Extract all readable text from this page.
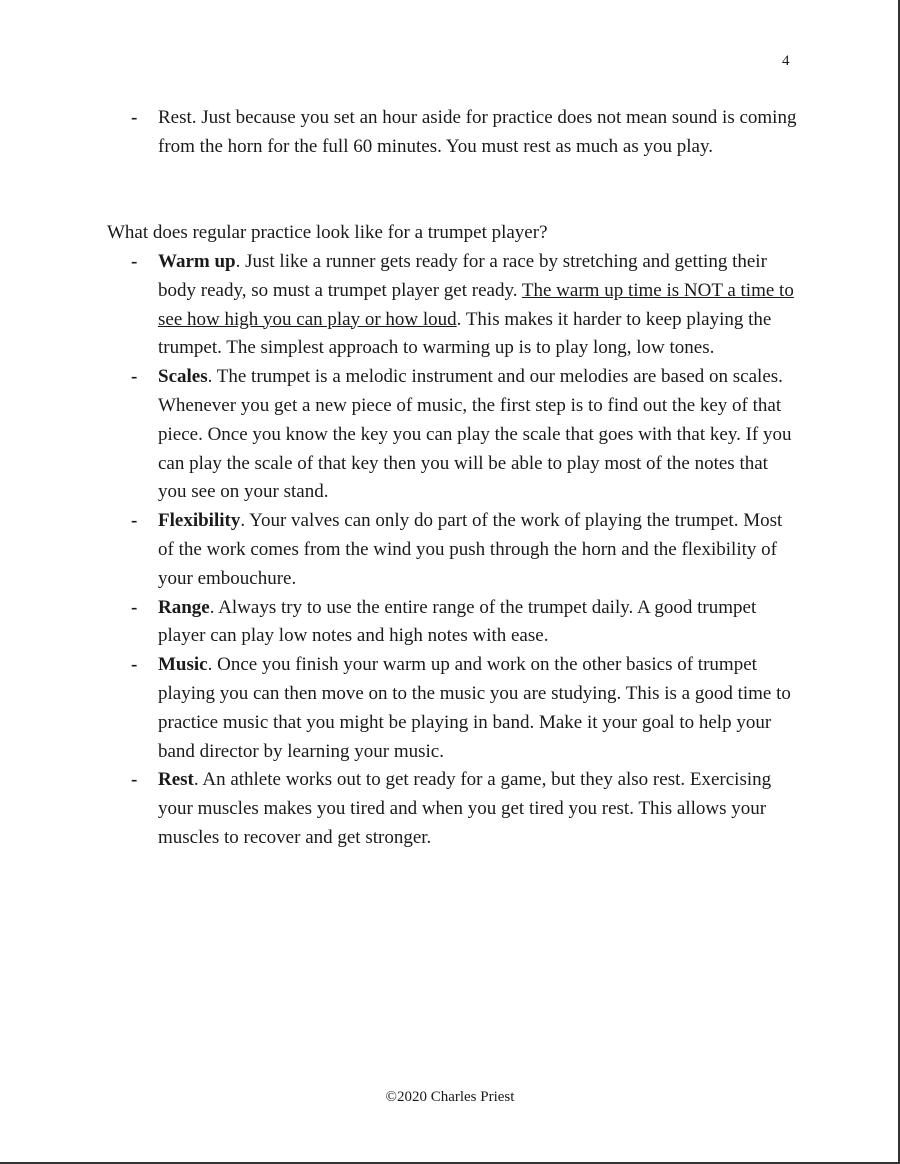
4
- Rest. Just because you set an hour aside for practice does not mean sound is coming from the horn for the full 60 minutes. You must rest as much as you play.

What does regular practice look like for a trumpet player?

- Warm up. Just like a runner gets ready for a race by stretching and getting their body ready, so must a trumpet player get ready. The warm up time is NOT a time to see how high you can play or how loud. This makes it harder to keep playing the trumpet. The simplest approach to warming up is to play long, low tones.
- Scales. The trumpet is a melodic instrument and our melodies are based on scales. Whenever you get a new piece of music, the first step is to find out the key of that piece. Once you know the key you can play the scale that goes with that key. If you can play the scale of that key then you will be able to play most of the notes that you see on your stand.
- Flexibility. Your valves can only do part of the work of playing the trumpet. Most of the work comes from the wind you push through the horn and the flexibility of your embouchure.
- Range. Always try to use the entire range of the trumpet daily. A good trumpet player can play low notes and high notes with ease.
- Music. Once you finish your warm up and work on the other basics of trumpet playing you can then move on to the music you are studying. This is a good time to practice music that you might be playing in band. Make it your goal to help your band director by learning your music.
- Rest. An athlete works out to get ready for a game, but they also rest. Exercising your muscles makes you tired and when you get tired you rest. This allows your muscles to recover and get stronger.
©2020 Charles Priest
